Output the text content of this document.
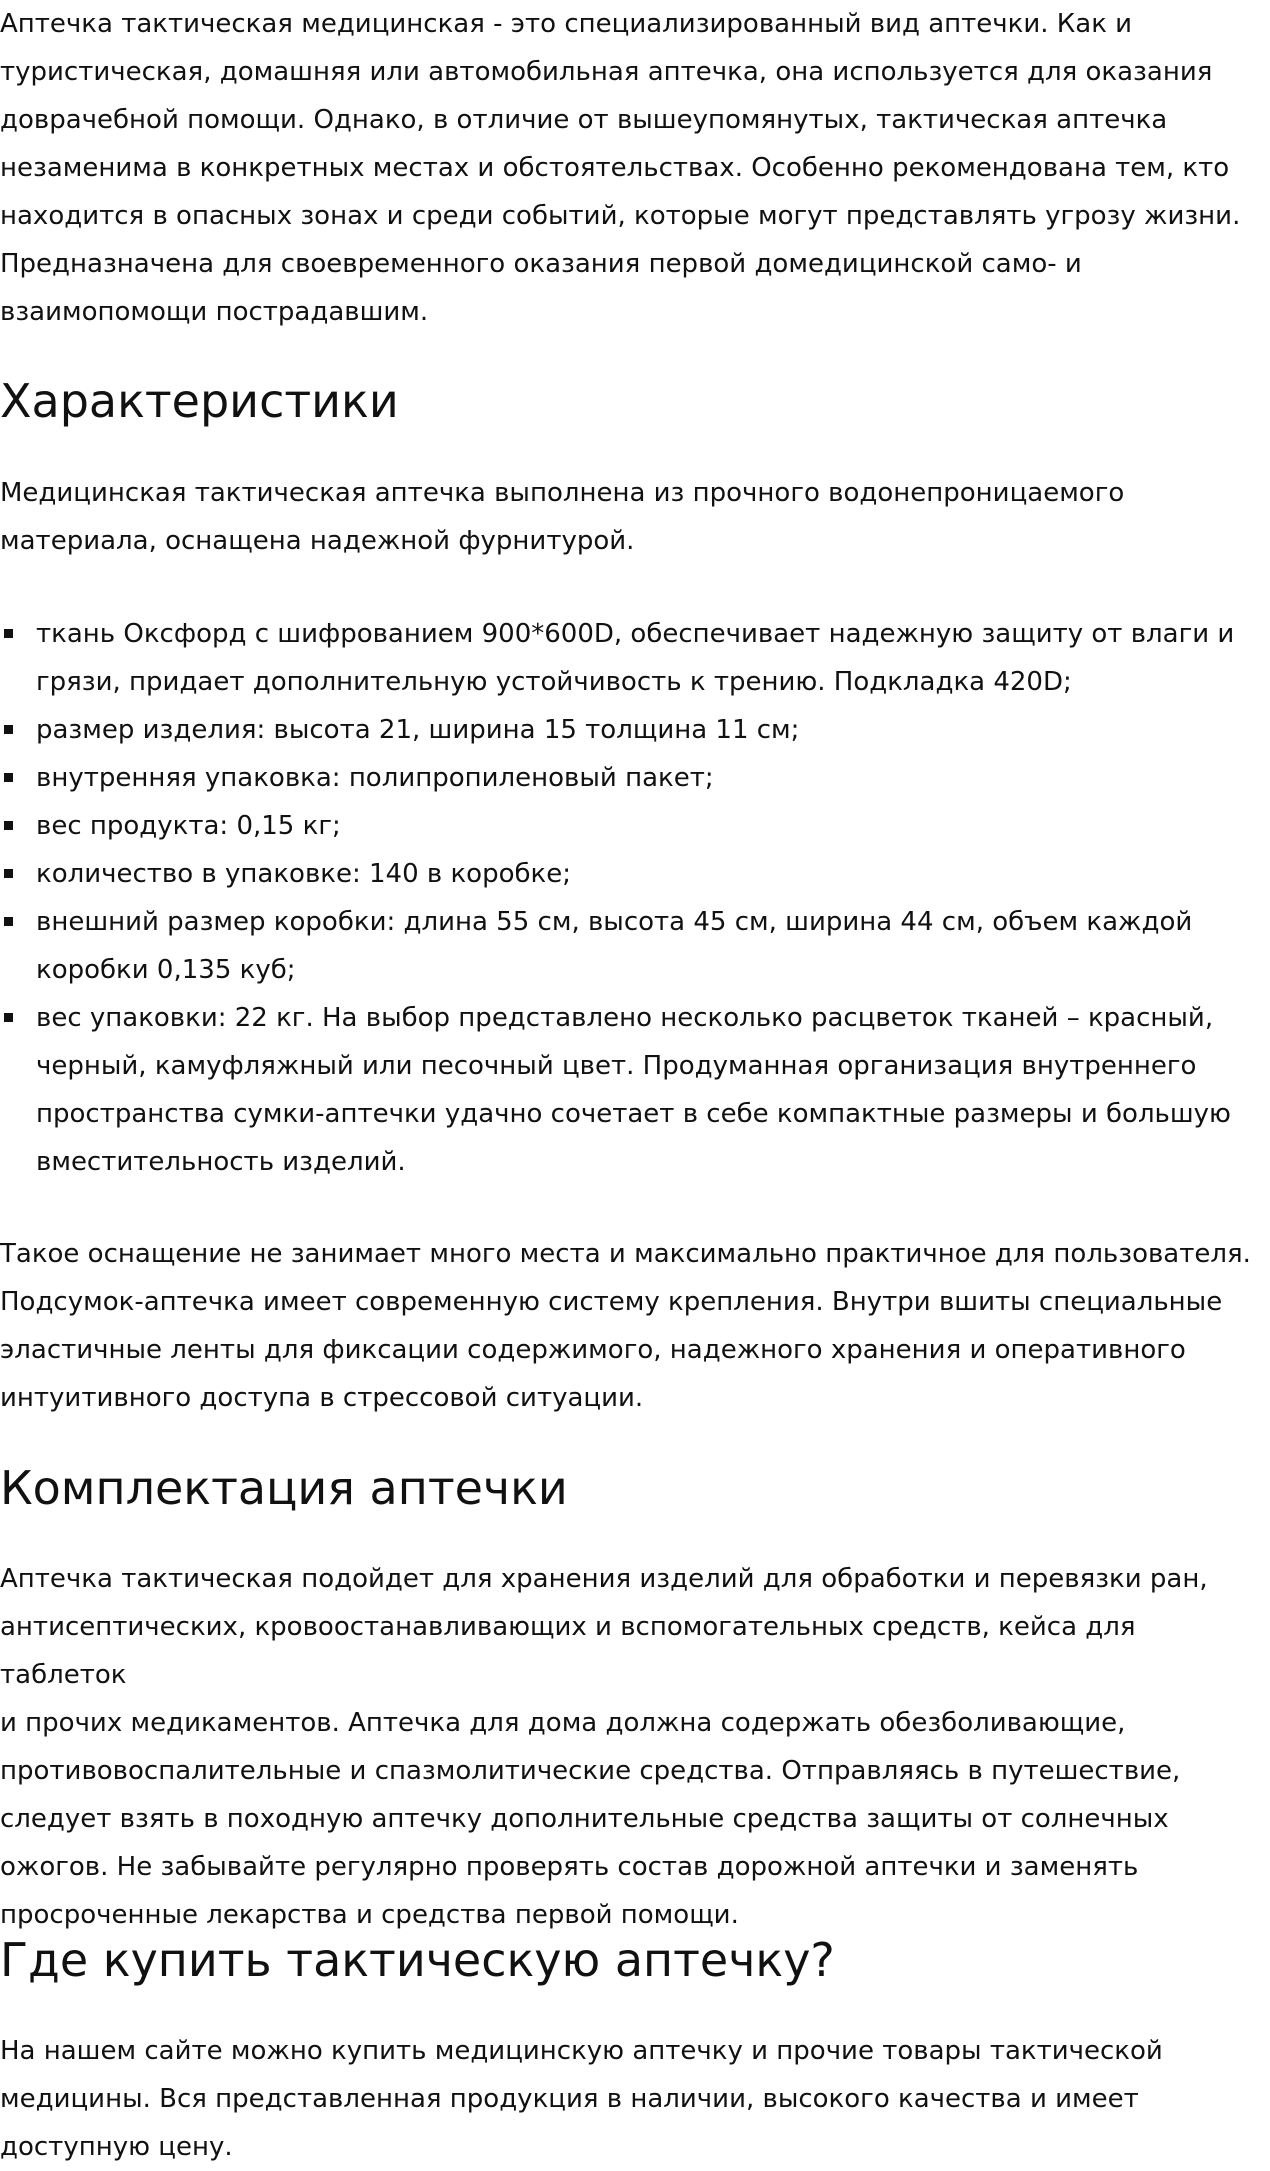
Аптечка тактическая медицинская - это специализированный вид аптечки. Как и
туристическая, домашняя или автомобильная аптечка, она используется для оказания
доврачебной помощи. Однако, в отличие от вышеупомянутых, тактическая аптечка
незаменима в конкретных местах и обстоятельствах. Особенно рекомендована тем, кто
находится в опасных зонах и среди событий, которые могут представлять угрозу жизни.
Предназначена для своевременного оказания первой домедицинской само- и
взаимопомощи пострадавшим.

Характеристики

Медицинская тактическая аптечка выполнена из прочного водонепроницаемого
материала, оснащена надежной фурнитурой.

ткань Оксфорд с шифрованием 900*600D, обеспечивает надежную защиту от влаги и
грязи, придает дополнительную устойчивость к трению. Подкладка 420D;
размер изделия: высота 21, ширина 15 толщина 11 см;
внутренняя упаковка: полипропиленовый пакет;
вес продукта: 0,15 кг;
количество в упаковке: 140 в коробке;
внешний размер коробки: длина 55 см, высота 45 см, ширина 44 см, объем каждой
коробки 0,135 куб;
вес упаковки: 22 кг. На выбор представлено несколько расцветок тканей – красный,
черный, камуфляжный или песочный цвет. Продуманная организация внутреннего
пространства сумки-аптечки удачно сочетает в себе компактные размеры и большую
вместительность изделий.

Такое оснащение не занимает много места и максимально практичное для пользователя.
Подсумок-аптечка имеет современную систему крепления. Внутри вшиты специальные
эластичные ленты для фиксации содержимого, надежного хранения и оперативного
интуитивного доступа в стрессовой ситуации.

Комплектация аптечки

Аптечка тактическая подойдет для хранения изделий для обработки и перевязки ран,
антисептических, кровоостанавливающих и вспомогательных средств, кейса для таблеток
и прочих медикаментов. Аптечка для дома должна содержать обезболивающие,
противовоспалительные и спазмолитические средства. Отправляясь в путешествие,
следует взять в походную аптечку дополнительные средства защиты от солнечных
ожогов. Не забывайте регулярно проверять состав дорожной аптечки и заменять
просроченные лекарства и средства первой помощи.

Где купить тактическую аптечку?

На нашем сайте можно купить медицинскую аптечку и прочие товары тактической
медицины. Вся представленная продукция в наличии, высокого качества и имеет
доступную цену.
